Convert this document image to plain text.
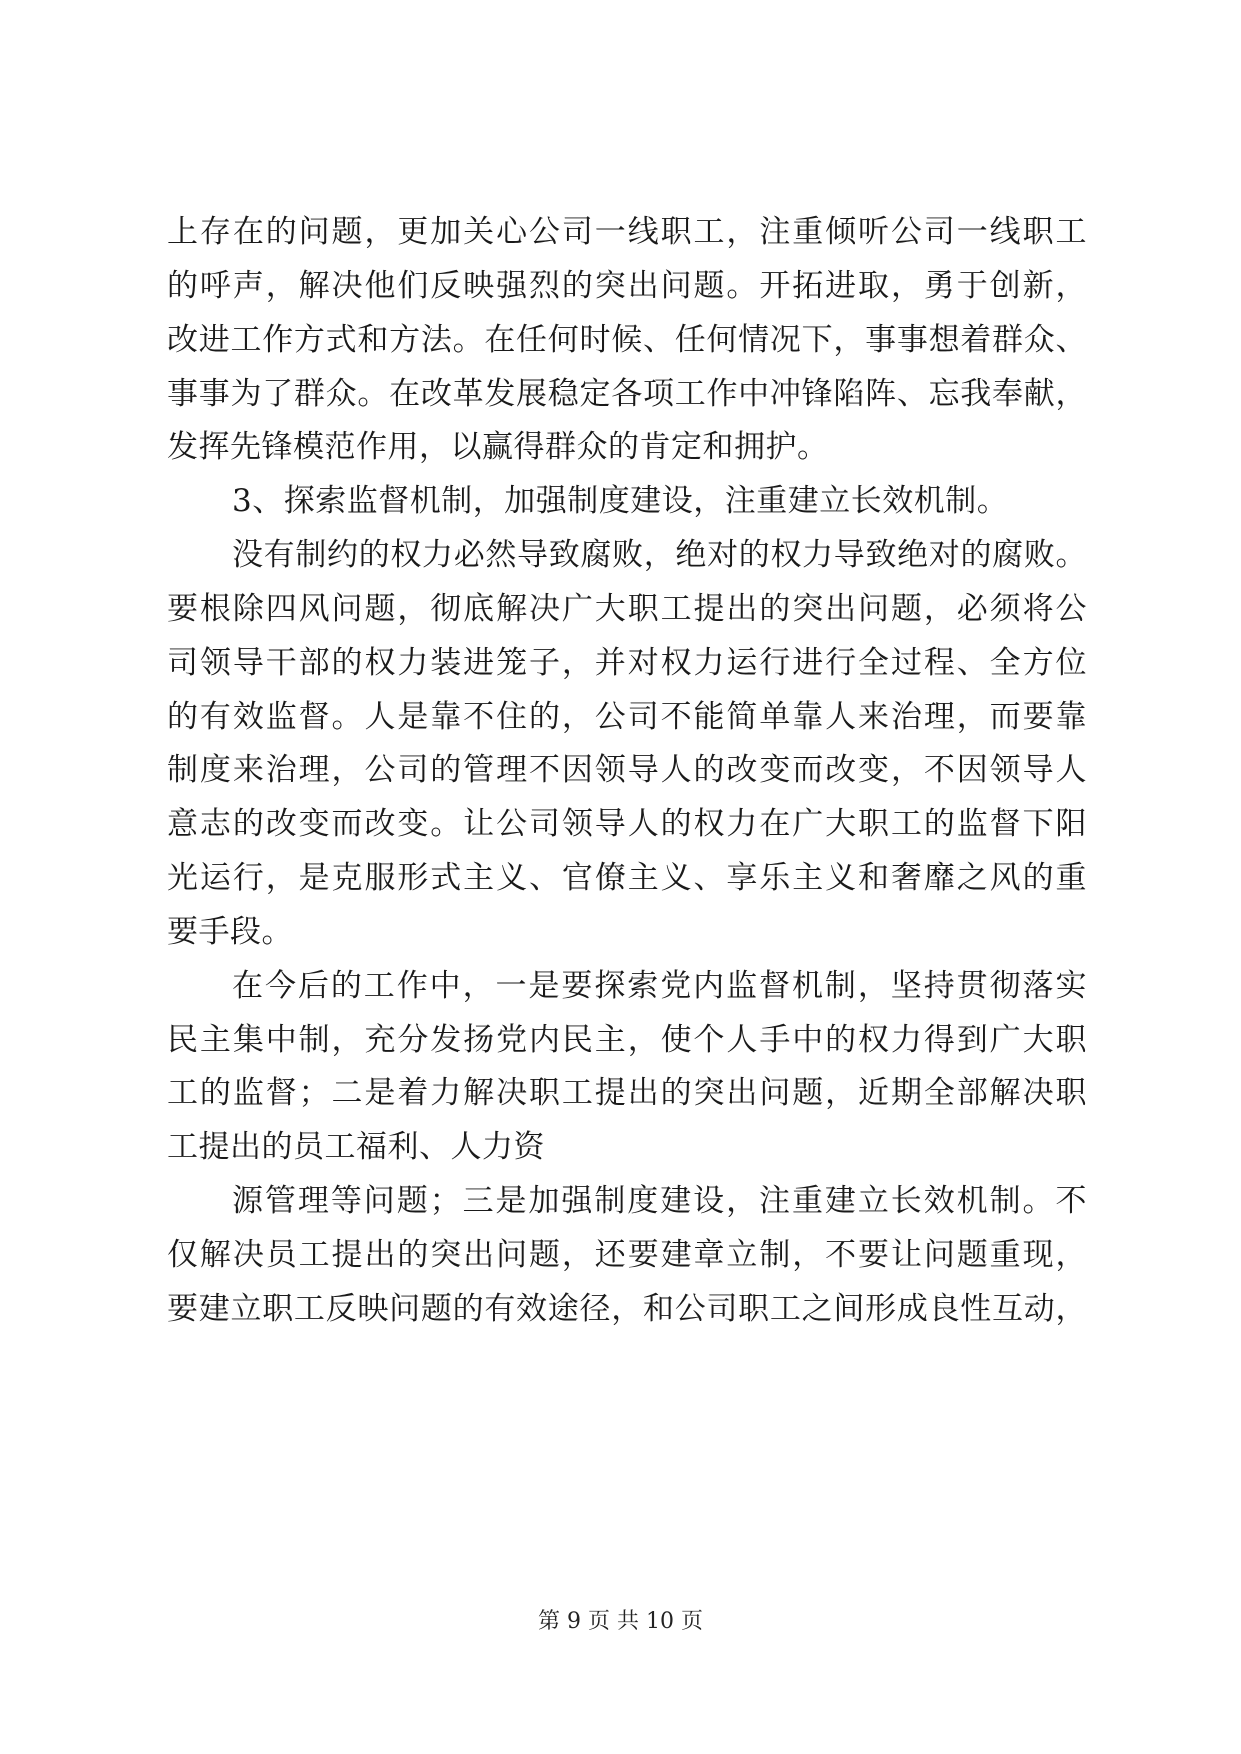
上存在的问题，更加关心公司一线职工，注重倾听公司一线职工
的呼声，解决他们反映强烈的突出问题。开拓进取，勇于创新，
改进工作方式和方法。在任何时候、任何情况下，事事想着群众、
事事为了群众。在改革发展稳定各项工作中冲锋陷阵、忘我奉献，
发挥先锋模范作用，以赢得群众的肯定和拥护。
3、探索监督机制，加强制度建设，注重建立长效机制。
没有制约的权力必然导致腐败，绝对的权力导致绝对的腐败。
要根除四风问题，彻底解决广大职工提出的突出问题，必须将公
司领导干部的权力装进笼子，并对权力运行进行全过程、全方位
的有效监督。人是靠不住的，公司不能简单靠人来治理，而要靠
制度来治理，公司的管理不因领导人的改变而改变，不因领导人
意志的改变而改变。让公司领导人的权力在广大职工的监督下阳
光运行，是克服形式主义、官僚主义、享乐主义和奢靡之风的重
要手段。
在今后的工作中，一是要探索党内监督机制，坚持贯彻落实
民主集中制，充分发扬党内民主，使个人手中的权力得到广大职
工的监督；二是着力解决职工提出的突出问题，近期全部解决职
工提出的员工福利、人力资
源管理等问题；三是加强制度建设，注重建立长效机制。不
仅解决员工提出的突出问题，还要建章立制，不要让问题重现，
要建立职工反映问题的有效途径，和公司职工之间形成良性互动，
第 9 页 共 10 页
